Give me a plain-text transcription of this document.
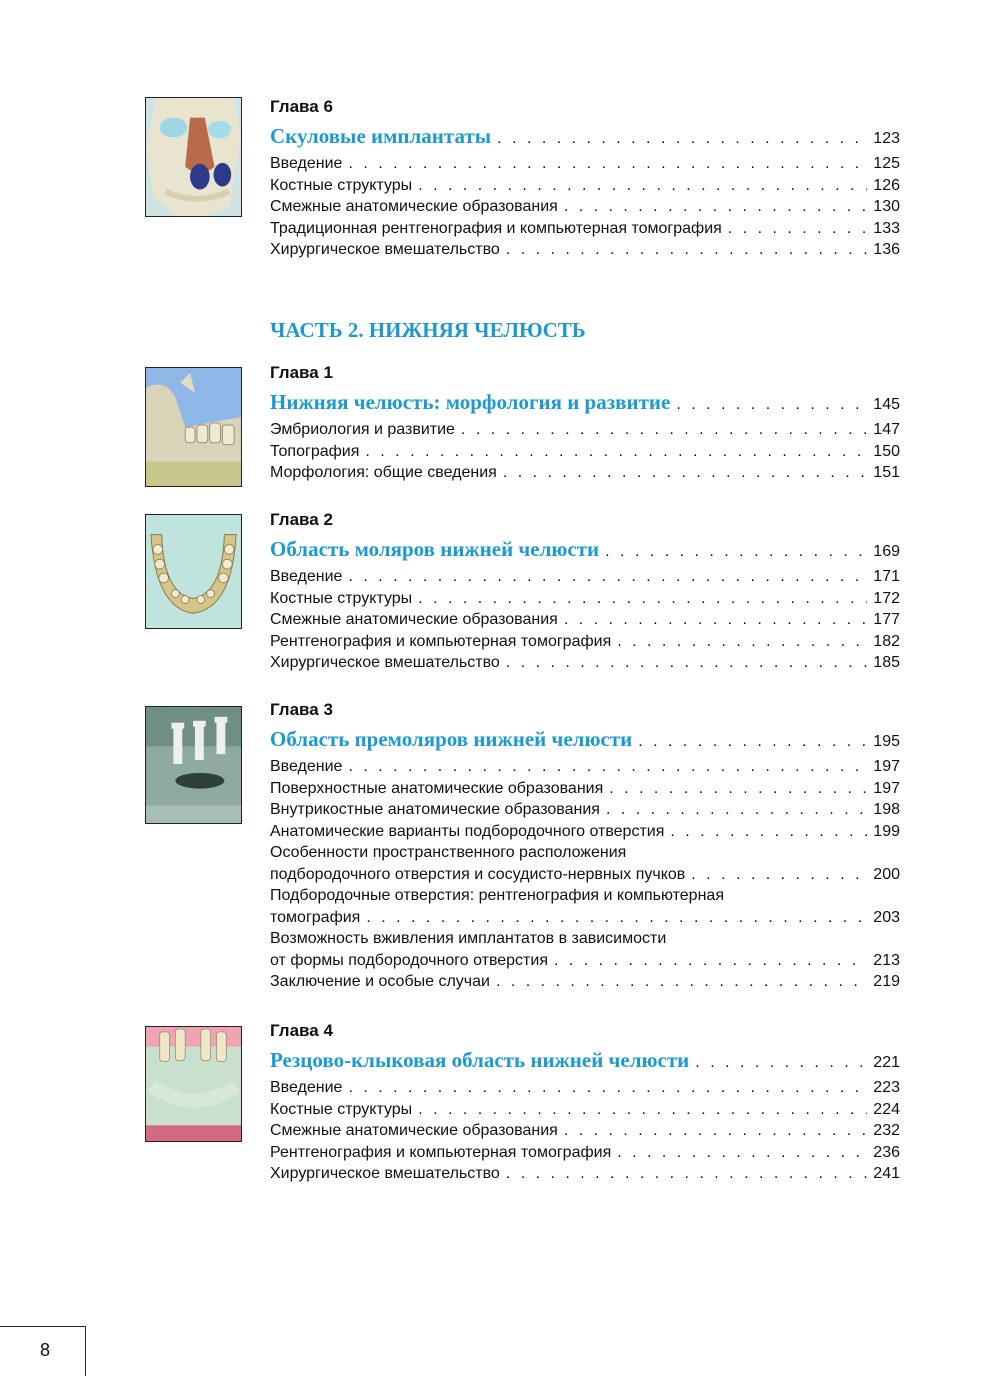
Глава 6
Скуловые имплантаты . . .	123
Введение . . .	125
Костные структуры . . .	126
Смежные анатомические образования . . .	130
Традиционная рентгенография и компьютерная томография . . .	133
Хирургическое вмешательство . . .	136
ЧАСТЬ 2. НИЖНЯЯ ЧЕЛЮСТЬ
Глава 1
Нижняя челюсть: морфология и развитие . . .	145
Эмбриология и развитие . . .	147
Топография . . .	150
Морфология: общие сведения . . .	151
Глава 2
Область моляров нижней челюсти . . .	169
Введение . . .	171
Костные структуры . . .	172
Смежные анатомические образования . . .	177
Рентгенография и компьютерная томография . . .	182
Хирургическое вмешательство . . .	185
Глава 3
Область премоляров нижней челюсти . . .	195
Введение . . .	197
Поверхностные анатомические образования . . .	197
Внутрикостные анатомические образования . . .	198
Анатомические варианты подбородочного отверстия . . .	199
Особенности пространственного расположения
подбородочного отверстия и сосудисто-нервных пучков . . .	200
Подбородочные отверстия: рентгенография и компьютерная
томография . . .	203
Возможность вживления имплантатов в зависимости
от формы подбородочного отверстия . . .	213
Заключение и особые случаи . . .	219
Глава 4
Резцово-клыковая область нижней челюсти . . .	221
Введение . . .	223
Костные структуры . . .	224
Смежные анатомические образования . . .	232
Рентгенография и компьютерная томография . . .	236
Хирургическое вмешательство . . .	241
8
